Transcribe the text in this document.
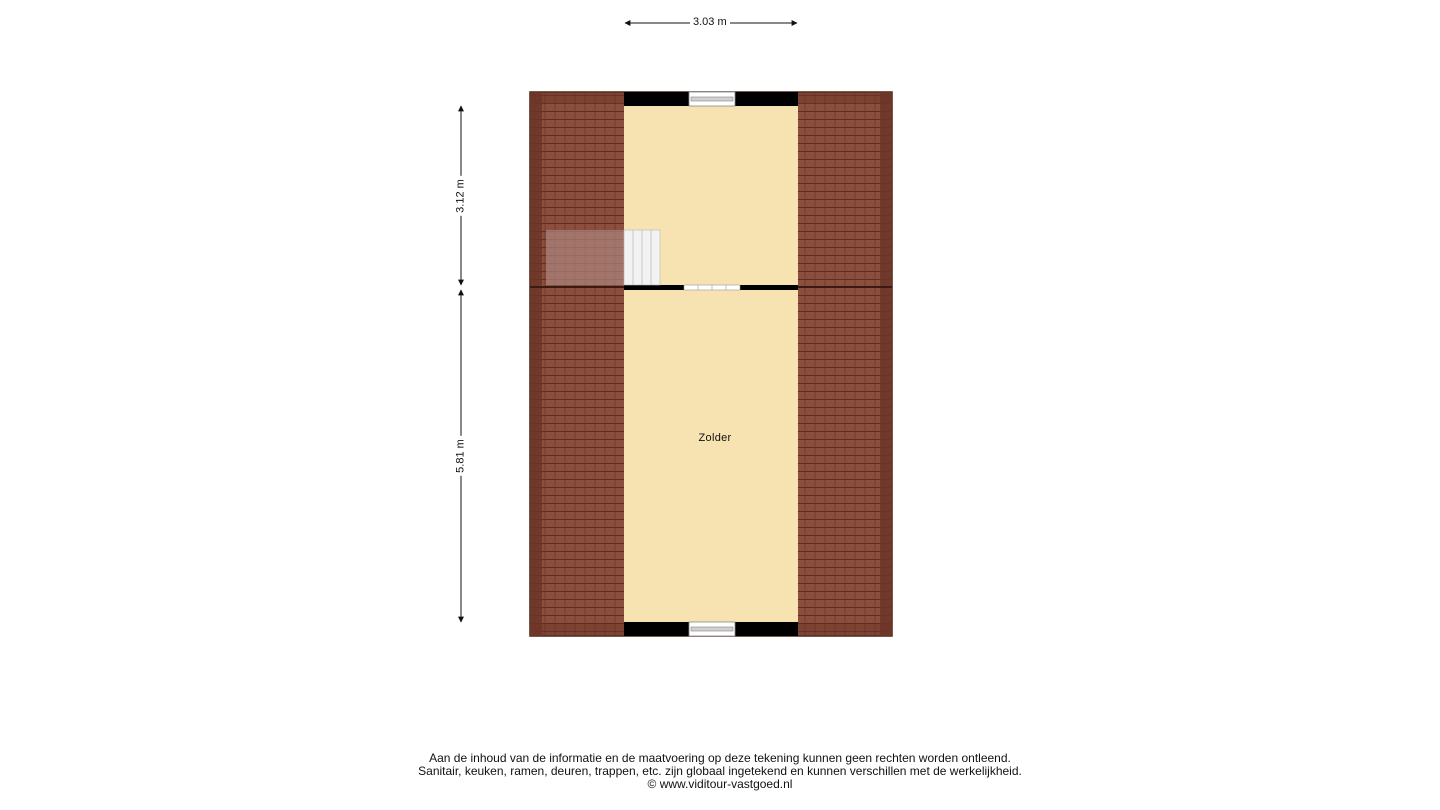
3.03 m
3.12 m
5.81 m
Zolder
Aan de inhoud van de informatie en de maatvoering op deze tekening kunnen geen rechten worden ontleend.
Sanitair, keuken, ramen, deuren, trappen, etc. zijn globaal ingetekend en kunnen verschillen met de werkelijkheid.
© www.viditour-vastgoed.nl
